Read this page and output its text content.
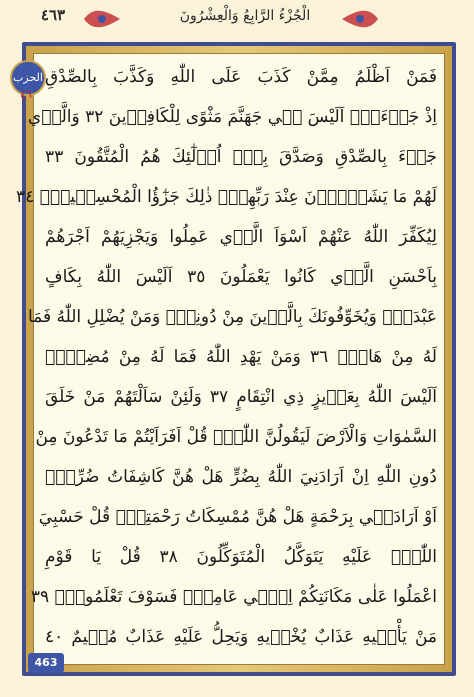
٤٦٣	الْجُزْءُ الرَّابِعُ وَالْعِشْرُونَ
الحزب
٤٦
فَمَنْ اَظْلَمُ مِمَّنْ كَذَبَ عَلَى اللّٰهِ وَكَذَّبَ بِالصِّدْقِ
اِذْ جَاۤءَهُۜ اَلَيْسَ ف۪ي جَهَنَّمَ مَثْوًى لِلْكَافِر۪ينَ ٣٢ وَالَّذ۪ي
جَاۤءَ بِالصِّدْقِ وَصَدَّقَ بِه۪ٓ اُو۬لٰٓئِكَ هُمُ الْمُتَّقُونَ ٣٣
لَهُمْ مَا يَشَاۤؤُ۫نَ عِنْدَ رَبِّهِمْۜ ذٰلِكَ جَزٰٓؤُا الْمُحْسِن۪ينَۚ ٣٤
لِيُكَفِّرَ اللّٰهُ عَنْهُمْ اَسْوَاَ الَّذ۪ي عَمِلُوا وَيَجْزِيَهُمْ اَجْرَهُمْ
بِاَحْسَنِ الَّذ۪ي كَانُوا يَعْمَلُونَ ٣٥ اَلَيْسَ اللّٰهُ بِكَافٍ
عَبْدَهُۜ وَيُخَوِّفُونَكَ بِالَّذ۪ينَ مِنْ دُونِه۪ۜ وَمَنْ يُضْلِلِ اللّٰهُ فَمَا
لَهُ مِنْ هَادٍۚ ٣٦ وَمَنْ يَهْدِ اللّٰهُ فَمَا لَهُ مِنْ مُضِلٍّۜ
اَلَيْسَ اللّٰهُ بِعَز۪يزٍ ذِي انْتِقَامٍ ٣٧ وَلَئِنْ سَاَلْتَهُمْ مَنْ خَلَقَ
السَّمٰوَاتِ وَالْاَرْضَ لَيَقُولُنَّ اللّٰهُۜ قُلْ اَفَرَاَيْتُمْ مَا تَدْعُونَ مِنْ
دُونِ اللّٰهِ اِنْ اَرَادَنِيَ اللّٰهُ بِضُرٍّ هَلْ هُنَّ كَاشِفَاتُ ضُرِّه۪ٓ
اَوْ اَرَادَن۪ي بِرَحْمَةٍ هَلْ هُنَّ مُمْسِكَاتُ رَحْمَتِه۪ۜ قُلْ حَسْبِيَ
اللّٰهُۜ عَلَيْهِ يَتَوَكَّلُ الْمُتَوَكِّلُونَ ٣٨ قُلْ يَا قَوْمِ
اعْمَلُوا عَلٰى مَكَانَتِكُمْ اِنّ۪ي عَامِلٌۚ فَسَوْفَ تَعْلَمُونَۙ ٣٩
مَنْ يَأْت۪يهِ عَذَابٌ يُخْز۪يهِ وَيَحِلُّ عَلَيْهِ عَذَابٌ مُق۪يمٌ ٤٠
463
